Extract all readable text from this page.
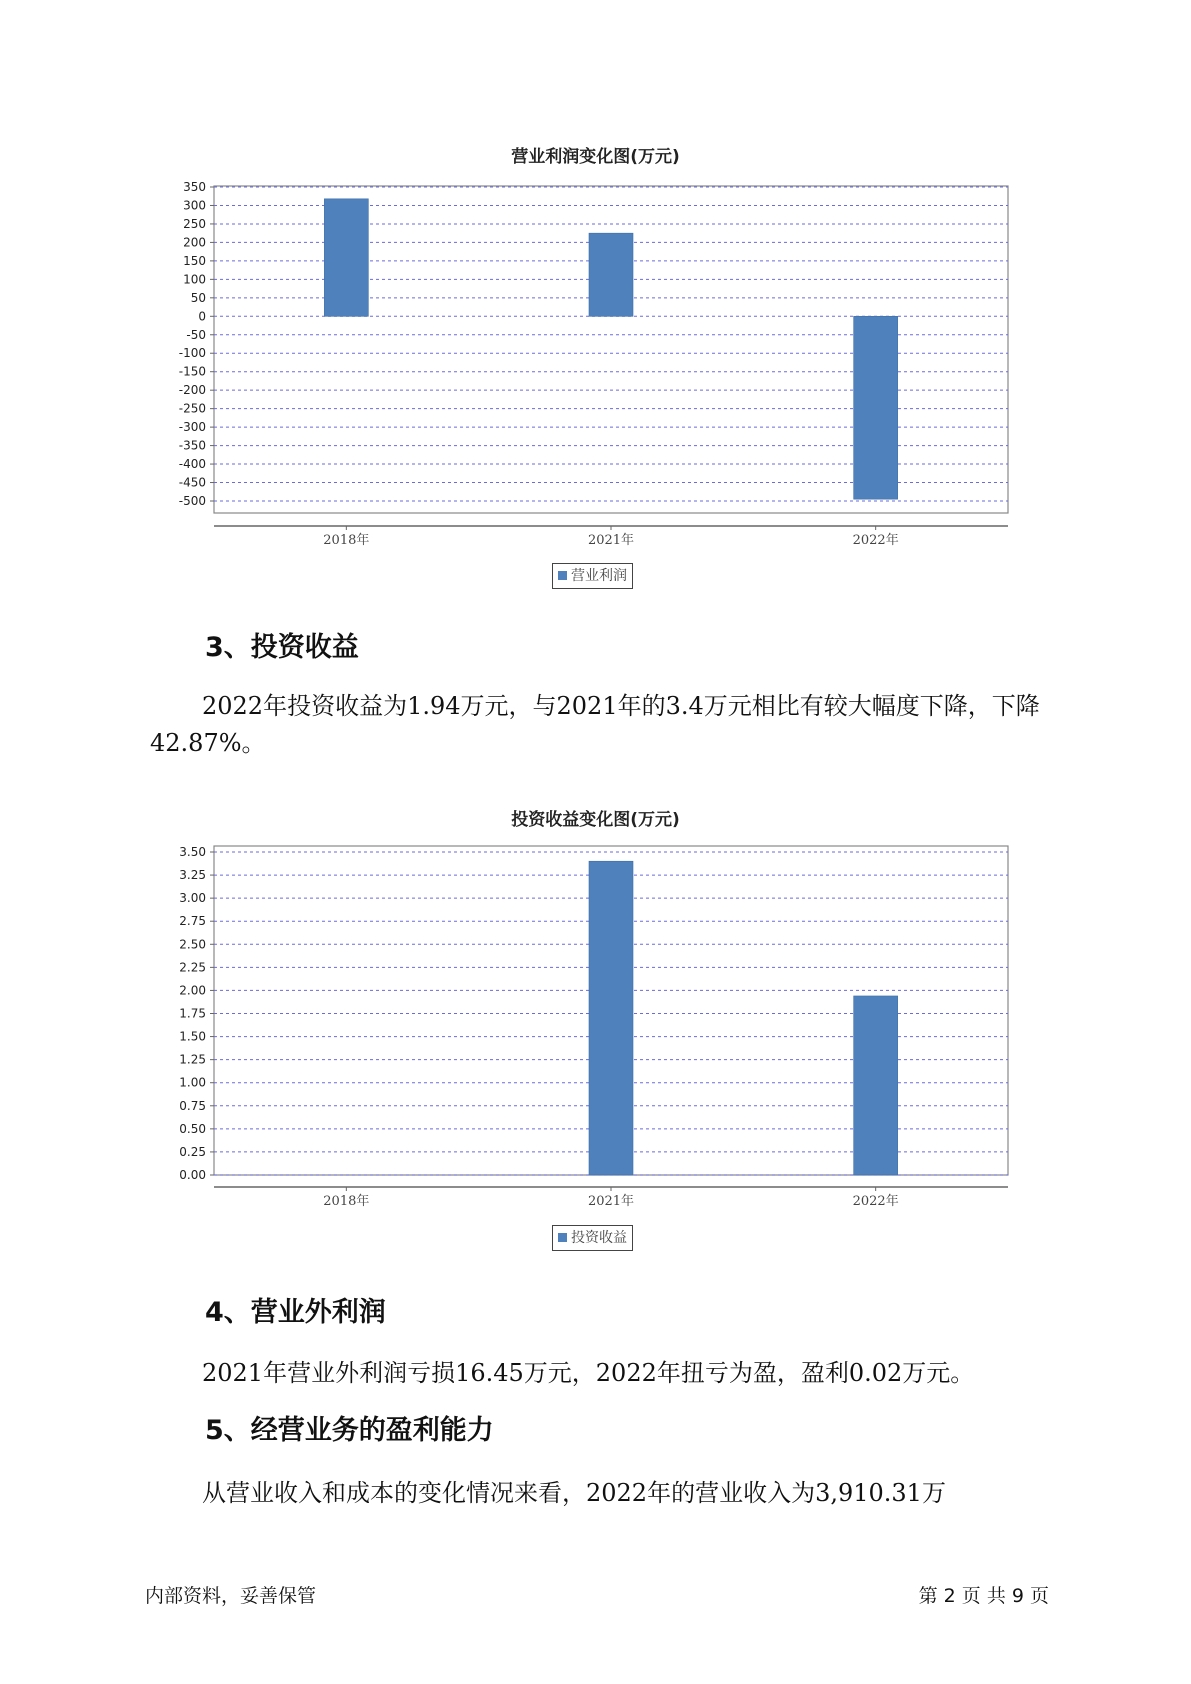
营业利润变化图(万元)
350
300
250
200
150
100
50
0
-50
-100
-150
-200
-250
-300
-350
-400
-450
-500
2018年	2021年	2022年
营业利润
3、投资收益
2022年投资收益为1.94万元，与2021年的3.4万元相比有较大幅度下降，下降42.87%。
投资收益变化图(万元)
3.50
3.25
3.00
2.75
2.50
2.25
2.00
1.75
1.50
1.25
1.00
0.75
0.50
0.25
0.00
2018年	2021年	2022年
投资收益
4、营业外利润
2021年营业外利润亏损16.45万元，2022年扭亏为盈，盈利0.02万元。
5、经营业务的盈利能力
从营业收入和成本的变化情况来看，2022年的营业收入为3,910.31万
内部资料，妥善保管	第 2 页 共 9 页
